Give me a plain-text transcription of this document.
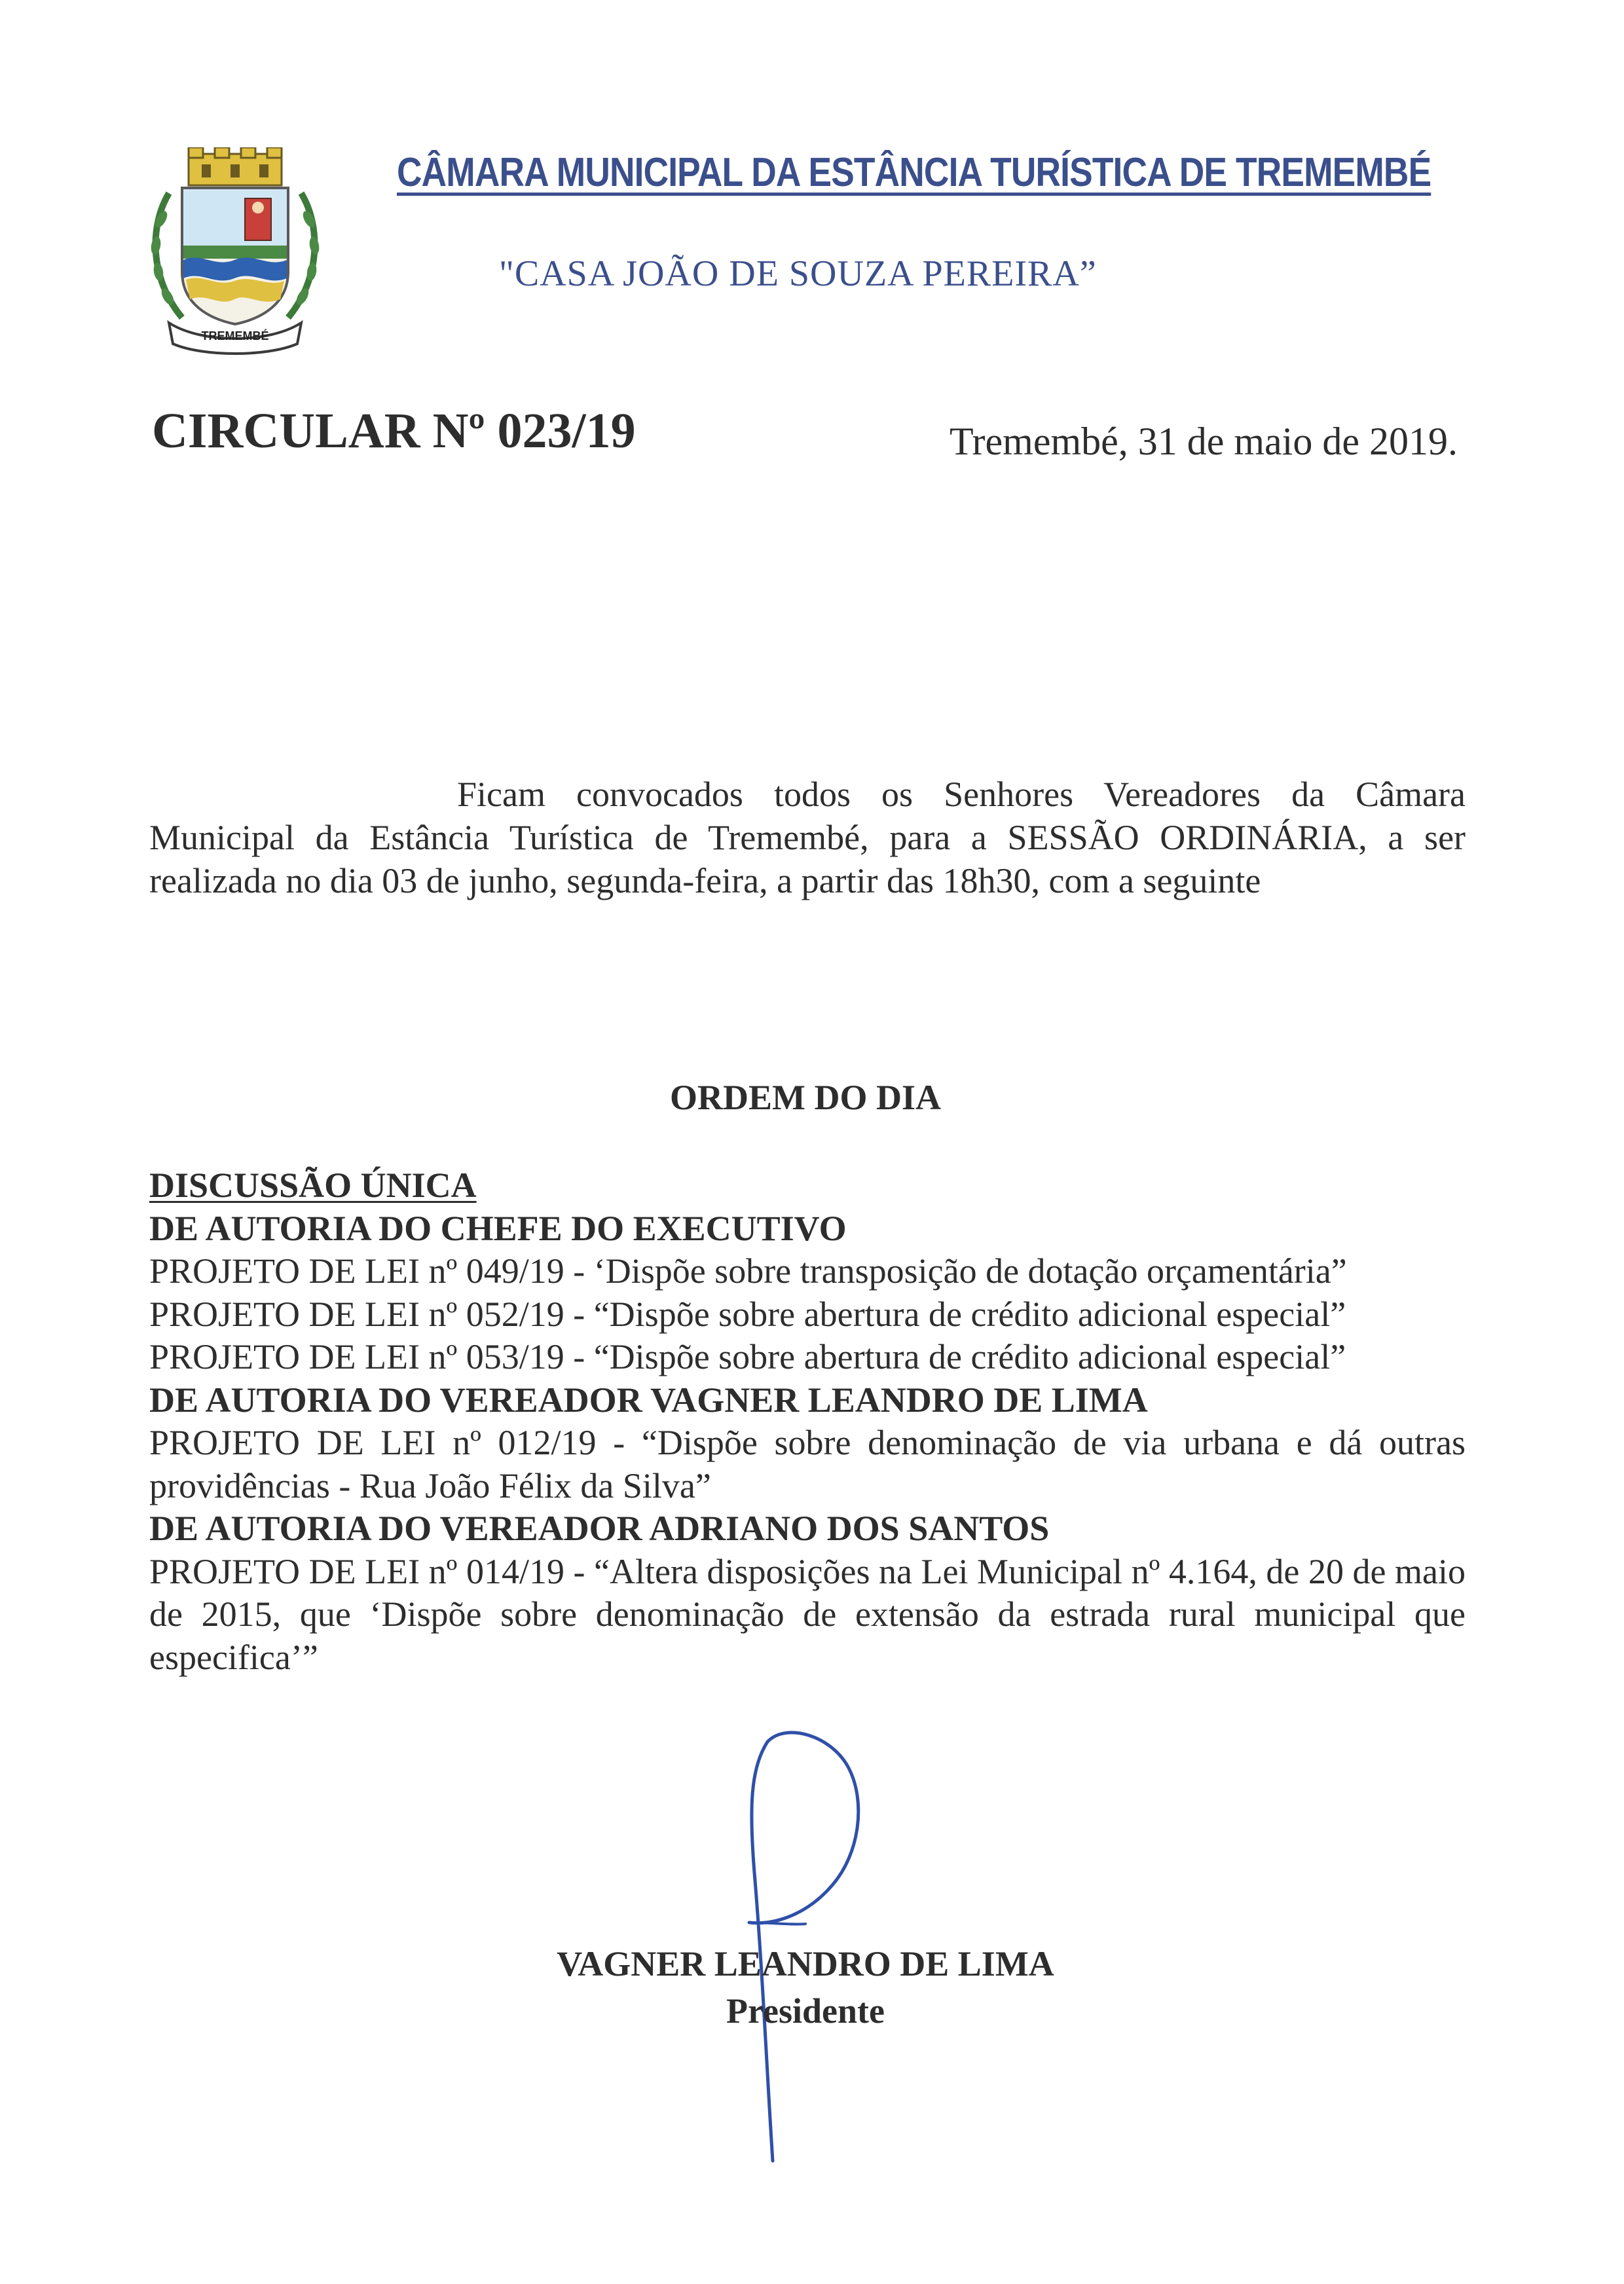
TREMEMBÉ
CÂMARA MUNICIPAL DA ESTÂNCIA TURÍSTICA DE TREMEMBÉ
"CASA JOÃO DE SOUZA PEREIRA”
CIRCULAR Nº 023/19	Tremembé, 31 de maio de 2019.
Ficam convocados todos os Senhores Vereadores da Câmara Municipal da Estância Turística de Tremembé, para a SESSÃO ORDINÁRIA, a ser realizada no dia 03 de junho, segunda-feira, a partir das 18h30, com a seguinte
ORDEM DO DIA
DISCUSSÃO ÚNICA
DE AUTORIA DO CHEFE DO EXECUTIVO
PROJETO DE LEI nº 049/19 - ‘Dispõe sobre transposição de dotação orçamentária”
PROJETO DE LEI nº 052/19 - “Dispõe sobre abertura de crédito adicional especial”
PROJETO DE LEI nº 053/19 - “Dispõe sobre abertura de crédito adicional especial”
DE AUTORIA DO VEREADOR VAGNER LEANDRO DE LIMA
PROJETO DE LEI nº 012/19 - “Dispõe sobre denominação de via urbana e dá outras providências - Rua João Félix da Silva”
DE AUTORIA DO VEREADOR ADRIANO DOS SANTOS
PROJETO DE LEI nº 014/19 - “Altera disposições na Lei Municipal nº 4.164, de 20 de maio de 2015, que ‘Dispõe sobre denominação de extensão da estrada rural municipal que especifica’”
VAGNER LEANDRO DE LIMA
Presidente
